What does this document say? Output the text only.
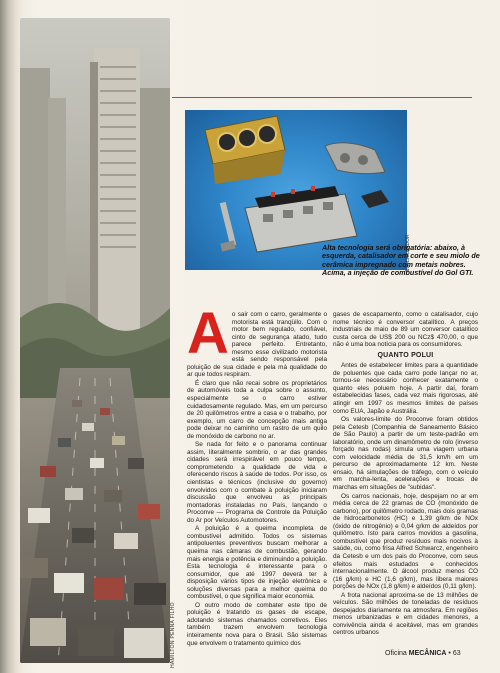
HAMILTON PENNA FILHO
CONSULTADOR
Alta tecnologia será obrigatória: abaixo, à esquerda, catalisador em corte e seu miolo de cerâmica impregnado com metais nobres. Acima, a injeção de combustível do Gol GTI.

Ao sair com o carro, geralmente o motorista está tranqüilo. Com o motor bem regulado, confiável, cinto de segurança atado, tudo parece perfeito. Entretanto, mesmo esse civilizado motorista está sendo responsável pela poluição de sua cidade e pela má qualidade do ar que todos respiram.

É claro que não recai sobre os proprietários de automóveis toda a culpa sobre o assunto, especialmente se o carro estiver cuidadosamente regulado. Mas, em um percurso de 20 quilômetros entre a casa e o trabalho, por exemplo, um carro de concepção mais antiga pode deixar no caminho um rastro de um quilo de monóxido de carbono no ar.

Se nada for feito e o panorama continuar assim, literalmente sombrio, o ar das grandes cidades será irrespirável em pouco tempo, comprometendo a qualidade de vida e oferecendo riscos à saúde de todos. Por isso, os cientistas e técnicos (inclusive do governo) envolvidos com o combate à poluição iniciaram discussão que envolveu as principais montadoras instaladas no País, lançando o Proconve — Programa de Controle da Poluição do Ar por Veículos Automotores.

A poluição é a queima incompleta de combustível admitido. Todos os sistemas antipoluentes preventivos buscam melhorar a queima nas câmaras de combustão, gerando mais energia e potência e diminuindo a poluição. Esta tecnologia é interessante para o consumidor, que até 1997 deverá ter à disposição vários tipos de injeção eletrônica e soluções diversas para a melhor queima do combustível, o que significa maior economia.

O outro modo de combater este tipo de poluição é tratando os gases de escape, adotando sistemas chamados corretivos. Eles também trazem envolvem tecnologia inteiramente nova para o Brasil. São sistemas que envolvem o tratamento químico dos

gases de escapamento, como o catalisador, cujo nome técnico é conversor catalítico. A preços industriais de maio de 89 um conversor catalítico custa cerca de US$ 200 ou NCz$ 470,00, o que não é uma boa notícia para os consumidores.

QUANTO POLUI

Antes de estabelecer limites para a quantidade de poluentes que cada carro pode lançar no ar, tornou-se necessário conhecer exatamente o quanto eles poluem hoje. A partir daí, foram estabelecidas fases, cada vez mais rigorosas, até atingir em 1997 os mesmos limites de países como EUA, Japão e Austrália.

Os valores-limite do Proconve foram obtidos pela Cetesb (Companhia de Saneamento Básico de São Paulo) a partir de um teste-padrão em laboratório, onde um dinamômetro de rolo (inverso forçado nas rodas) simula uma viagem urbana com velocidade média de 31,5 km/h em um percurso de aproximadamente 12 km. Neste ensaio, há simulações de tráfego, com o veículo em marcha-lenta, acelerações e trocas de marchas em situações de "subidas".

Os carros nacionais, hoje, despejam no ar em média cerca de 22 gramas de CO (monóxido de carbono), por quilômetro rodado, mais dois gramas de hidrocarbonetos (HC) e 1,39 g/km de NOx (óxido de nitrogênio) e 0,04 g/km de aldeídos por quilômetro. Isto para carros movidos a gasolina, combustível que produz resíduos mais nocivos à saúde, ou, como frisa Alfred Schwarcz, engenheiro da Cetesb e um dos pais do Proconve, com seus efeitos mais estudados e conhecidos internacionalmente. O álcool produz menos CO (16 g/km) e HC (1,6 g/km), mas libera maiores porções de NOx (1,8 g/km) e aldeídos (0,11 g/km).

A frota nacional aproxima-se de 13 milhões de veículos. São milhões de toneladas de resíduos despejados diariamente na atmosfera. Em regiões menos urbanizadas e em cidades menores, a convivência ainda é aceitável, mas em grandes centros urbanos

Oficina MECÂNICA • 63
